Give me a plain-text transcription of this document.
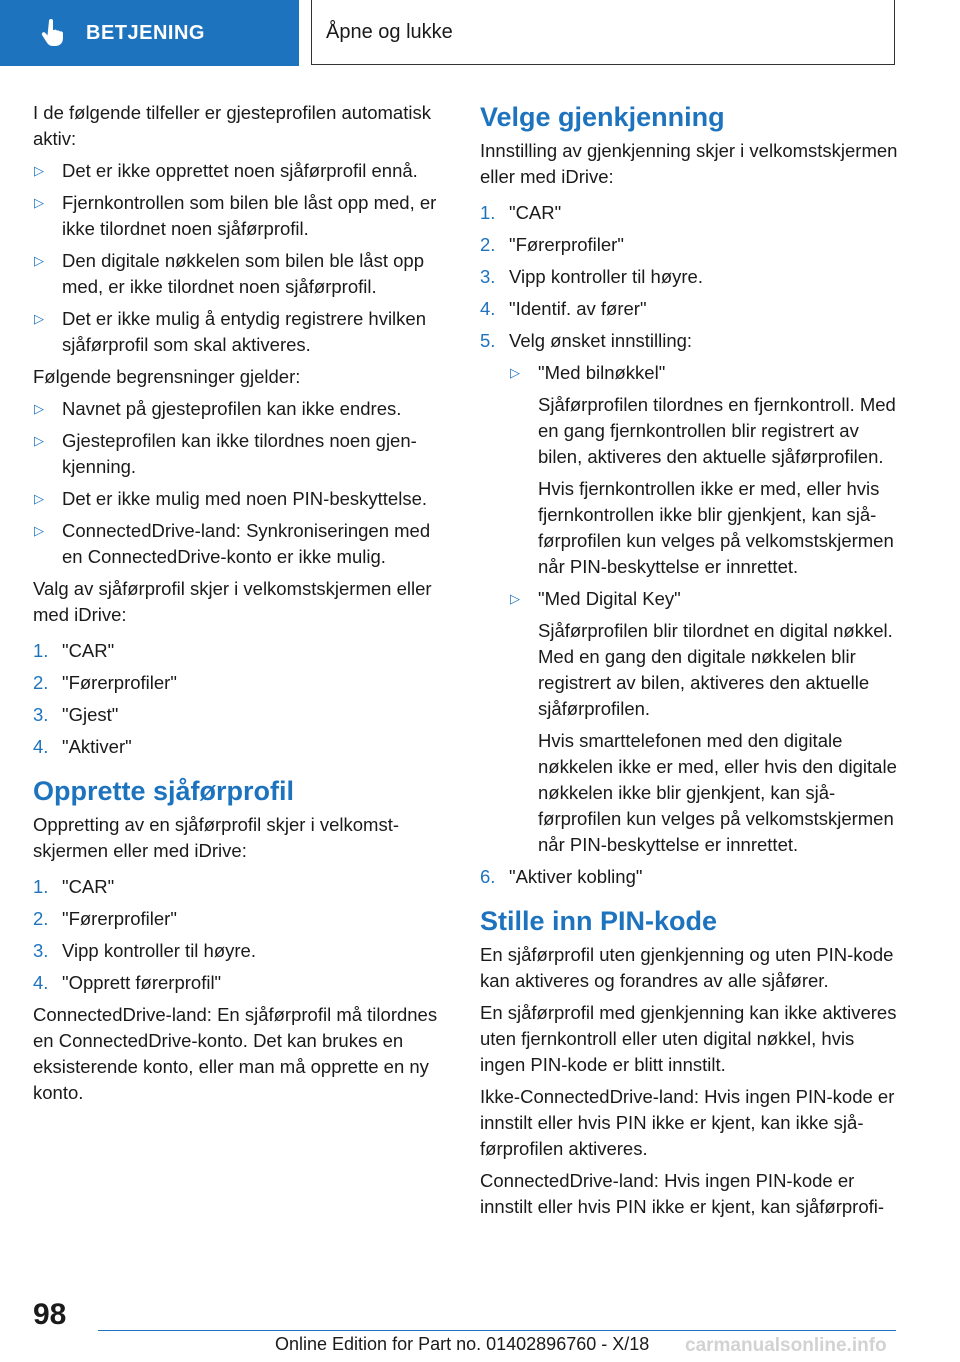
BETJENING	Åpne og lukke

I de følgende tilfeller er gjesteprofilen automatisk aktiv:

▷ Det er ikke opprettet noen sjåførprofil ennå.
▷ Fjernkontrollen som bilen ble låst opp med, er ikke tilordnet noen sjåførprofil.
▷ Den digitale nøkkelen som bilen ble låst opp med, er ikke tilordnet noen sjåførprofil.
▷ Det er ikke mulig å entydig registrere hvilken sjåførprofil som skal aktiveres.

Følgende begrensninger gjelder:

▷ Navnet på gjesteprofilen kan ikke endres.
▷ Gjesteprofilen kan ikke tilordnes noen gjenkjenning.
▷ Det er ikke mulig med noen PIN-beskyttelse.
▷ ConnectedDrive-land: Synkroniseringen med en ConnectedDrive-konto er ikke mulig.

Valg av sjåførprofil skjer i velkomstskjermen eller med iDrive:

1. "CAR"
2. "Førerprofiler"
3. "Gjest"
4. "Aktiver"
Opprette sjåførprofil

Oppretting av en sjåførprofil skjer i velkomstskjermen eller med iDrive:

1. "CAR"
2. "Førerprofiler"
3. Vipp kontroller til høyre.
4. "Opprett førerprofil"

ConnectedDrive-land: En sjåførprofil må tilordnes en ConnectedDrive-konto. Det kan brukes en eksisterende konto, eller man må opprette en ny konto.

Velge gjenkjenning

Innstilling av gjenkjenning skjer i velkomstskjermen eller med iDrive:

1. "CAR"
2. "Førerprofiler"
3. Vipp kontroller til høyre.
4. "Identif. av fører"
5. Velg ønsket innstilling:
▷ "Med bilnøkkel"

Sjåførprofilen tilordnes en fjernkontroll. Med en gang fjernkontrollen blir registrert av bilen, aktiveres den aktuelle sjåførprofilen.

Hvis fjernkontrollen ikke er med, eller hvis fjernkontrollen ikke blir gjenkjent, kan sjåførprofilen kun velges på velkomstskjermen når PIN-beskyttelse er innrettet.

▷ "Med Digital Key"

Sjåførprofilen blir tilordnet en digital nøkkel. Med en gang den digitale nøkkelen blir registrert av bilen, aktiveres den aktuelle sjåførprofilen.

Hvis smarttelefonen med den digitale nøkkelen ikke er med, eller hvis den digitale nøkkelen ikke blir gjenkjent, kan sjåførprofilen kun velges på velkomstskjermen når PIN-beskyttelse er innrettet.

6. "Aktiver kobling"
Stille inn PIN-kode

En sjåførprofil uten gjenkjenning og uten PIN-kode kan aktiveres og forandres av alle sjåfører.

En sjåførprofil med gjenkjenning kan ikke aktiveres uten fjernkontroll eller uten digital nøkkel, hvis ingen PIN-kode er blitt innstilt.

Ikke-ConnectedDrive-land: Hvis ingen PIN-kode er innstilt eller hvis PIN ikke er kjent, kan ikke sjåførprofilen aktiveres.

ConnectedDrive-land: Hvis ingen PIN-kode er innstilt eller hvis PIN ikke er kjent, kan sjåførprofi-

98
Online Edition for Part no. 01402896760 - X/18 carmanualsonline.info
